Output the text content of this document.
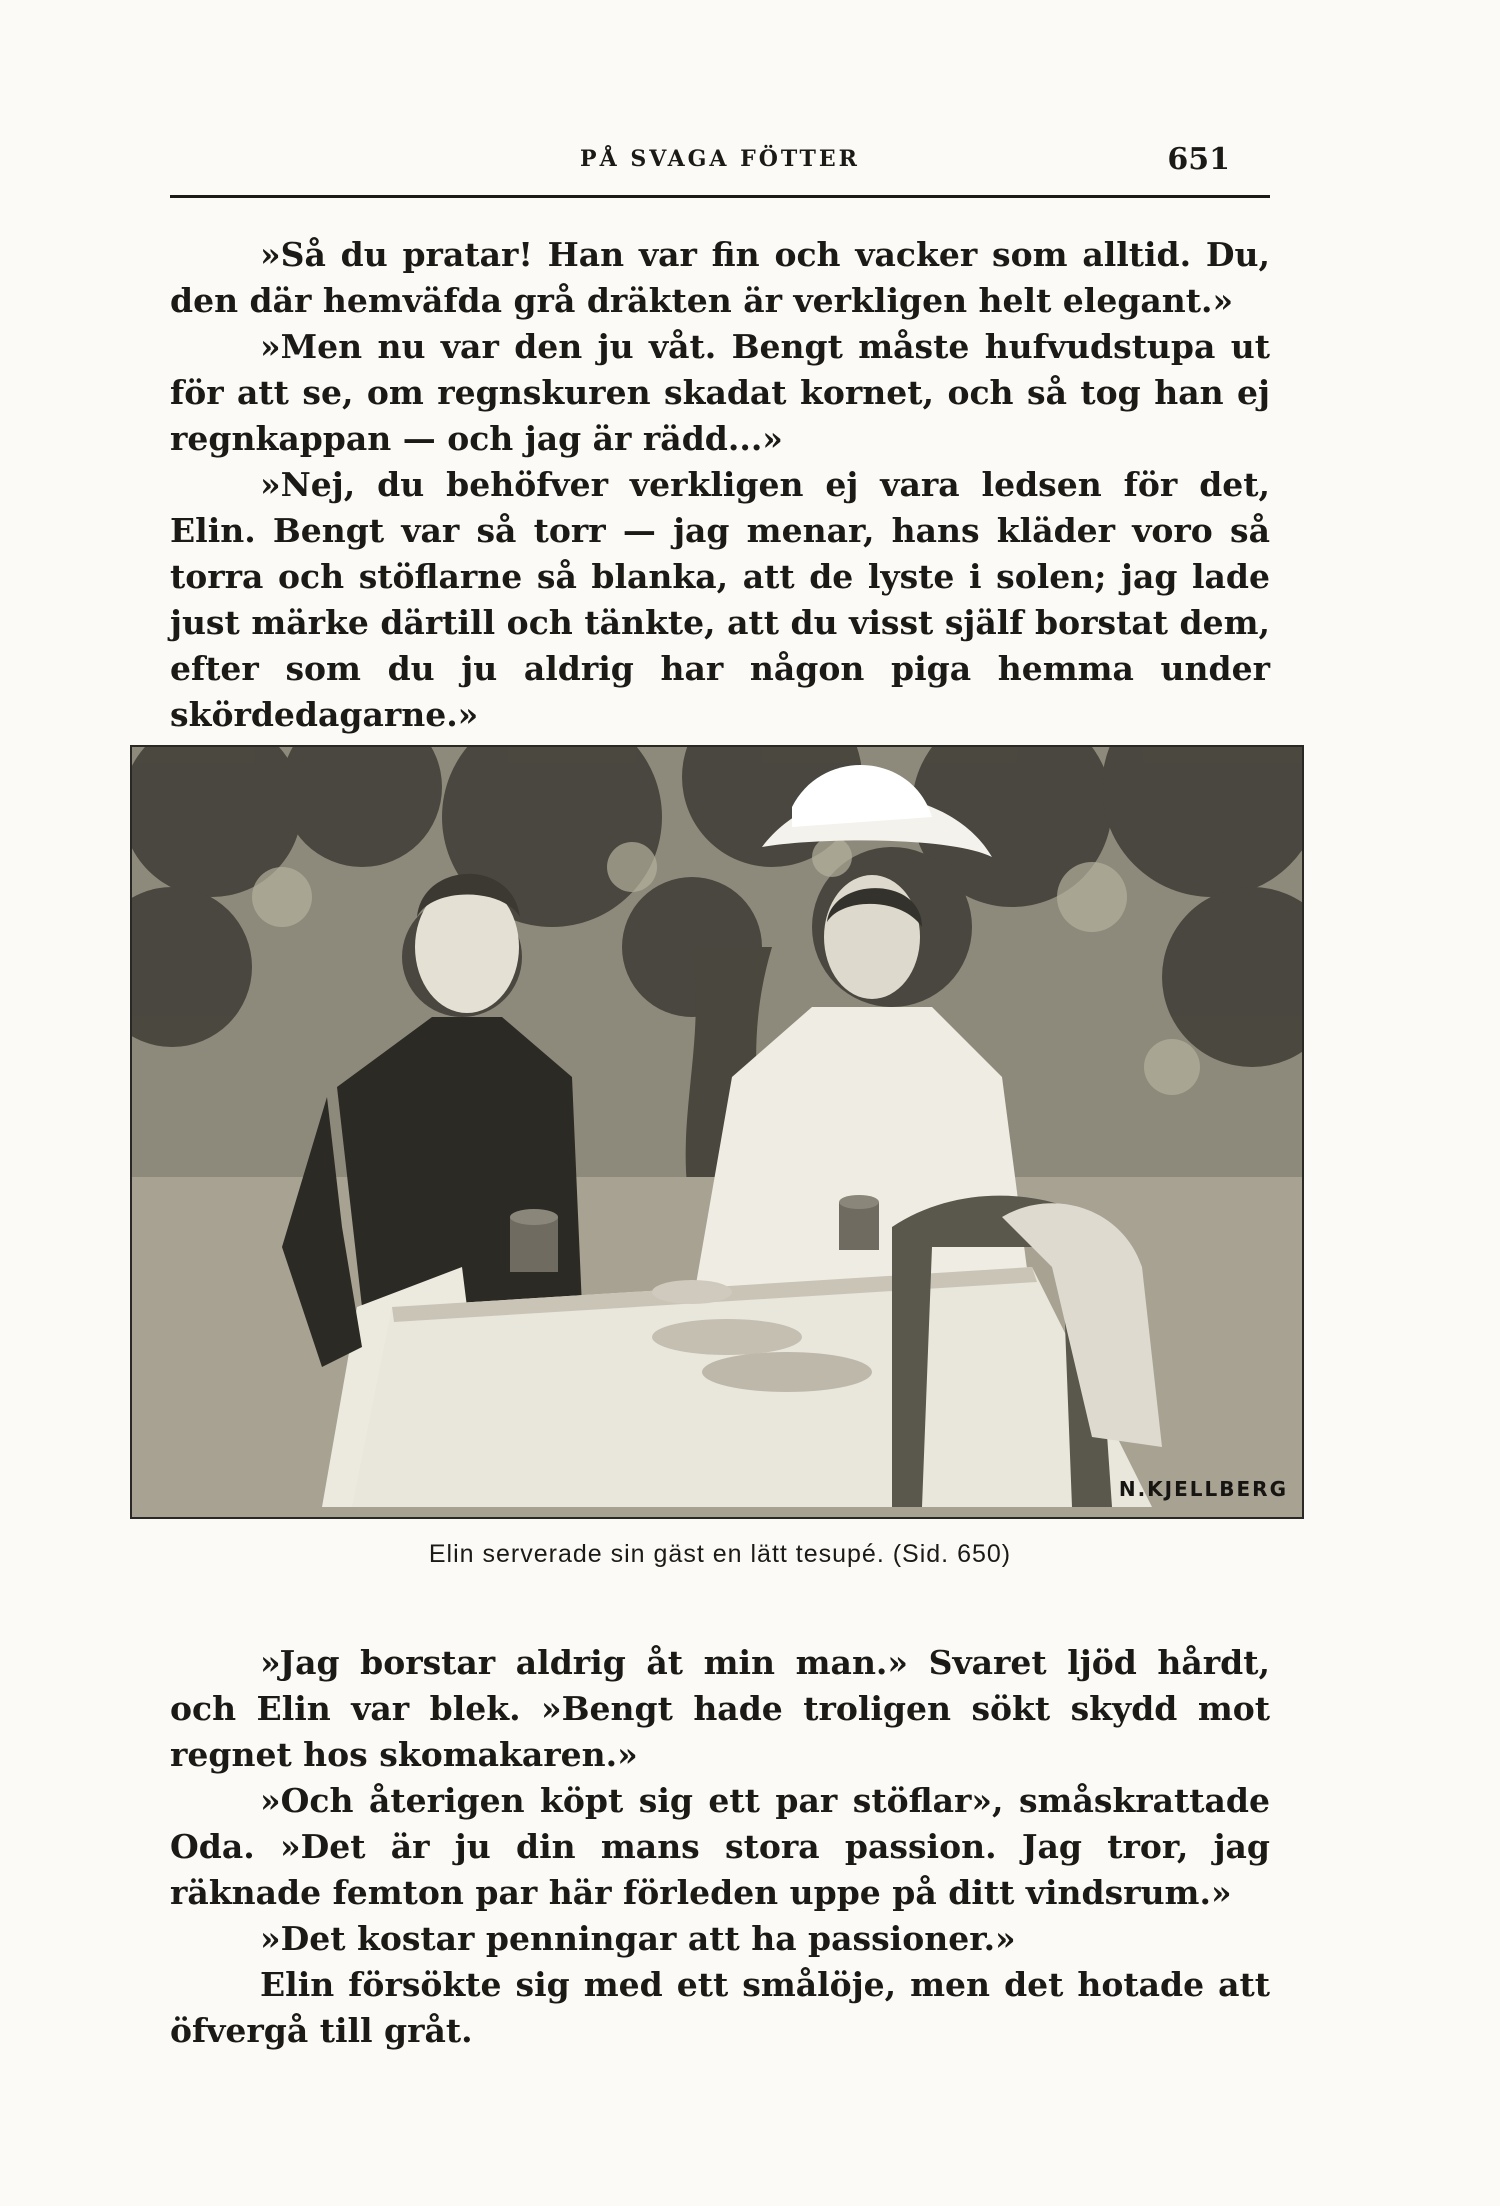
PÅ SVAGA FÖTTER	651

»Så du pratar! Han var fin och vacker som alltid. Du, den där hemväfda grå dräkten är verkligen helt elegant.»

»Men nu var den ju våt. Bengt måste hufvudstupa ut för att se, om regnskuren skadat kornet, och så tog han ej regnkappan — och jag är rädd...»

»Nej, du behöfver verkligen ej vara ledsen för det, Elin. Bengt var så torr — jag menar, hans kläder voro så torra och stöflarne så blanka, att de lyste i solen; jag lade just märke därtill och tänkte, att du visst själf borstat dem, efter som du ju aldrig har någon piga hemma under skördedagarne.»

N.KJELLBERG
Elin serverade sin gäst en lätt tesupé. (Sid. 650)

»Jag borstar aldrig åt min man.» Svaret ljöd hårdt, och Elin var blek. »Bengt hade troligen sökt skydd mot regnet hos skomakaren.»

»Och återigen köpt sig ett par stöflar», småskrattade Oda. »Det är ju din mans stora passion. Jag tror, jag räknade femton par här förleden uppe på ditt vindsrum.»

»Det kostar penningar att ha passioner.»

Elin försökte sig med ett smålöje, men det hotade att öfvergå till gråt.
